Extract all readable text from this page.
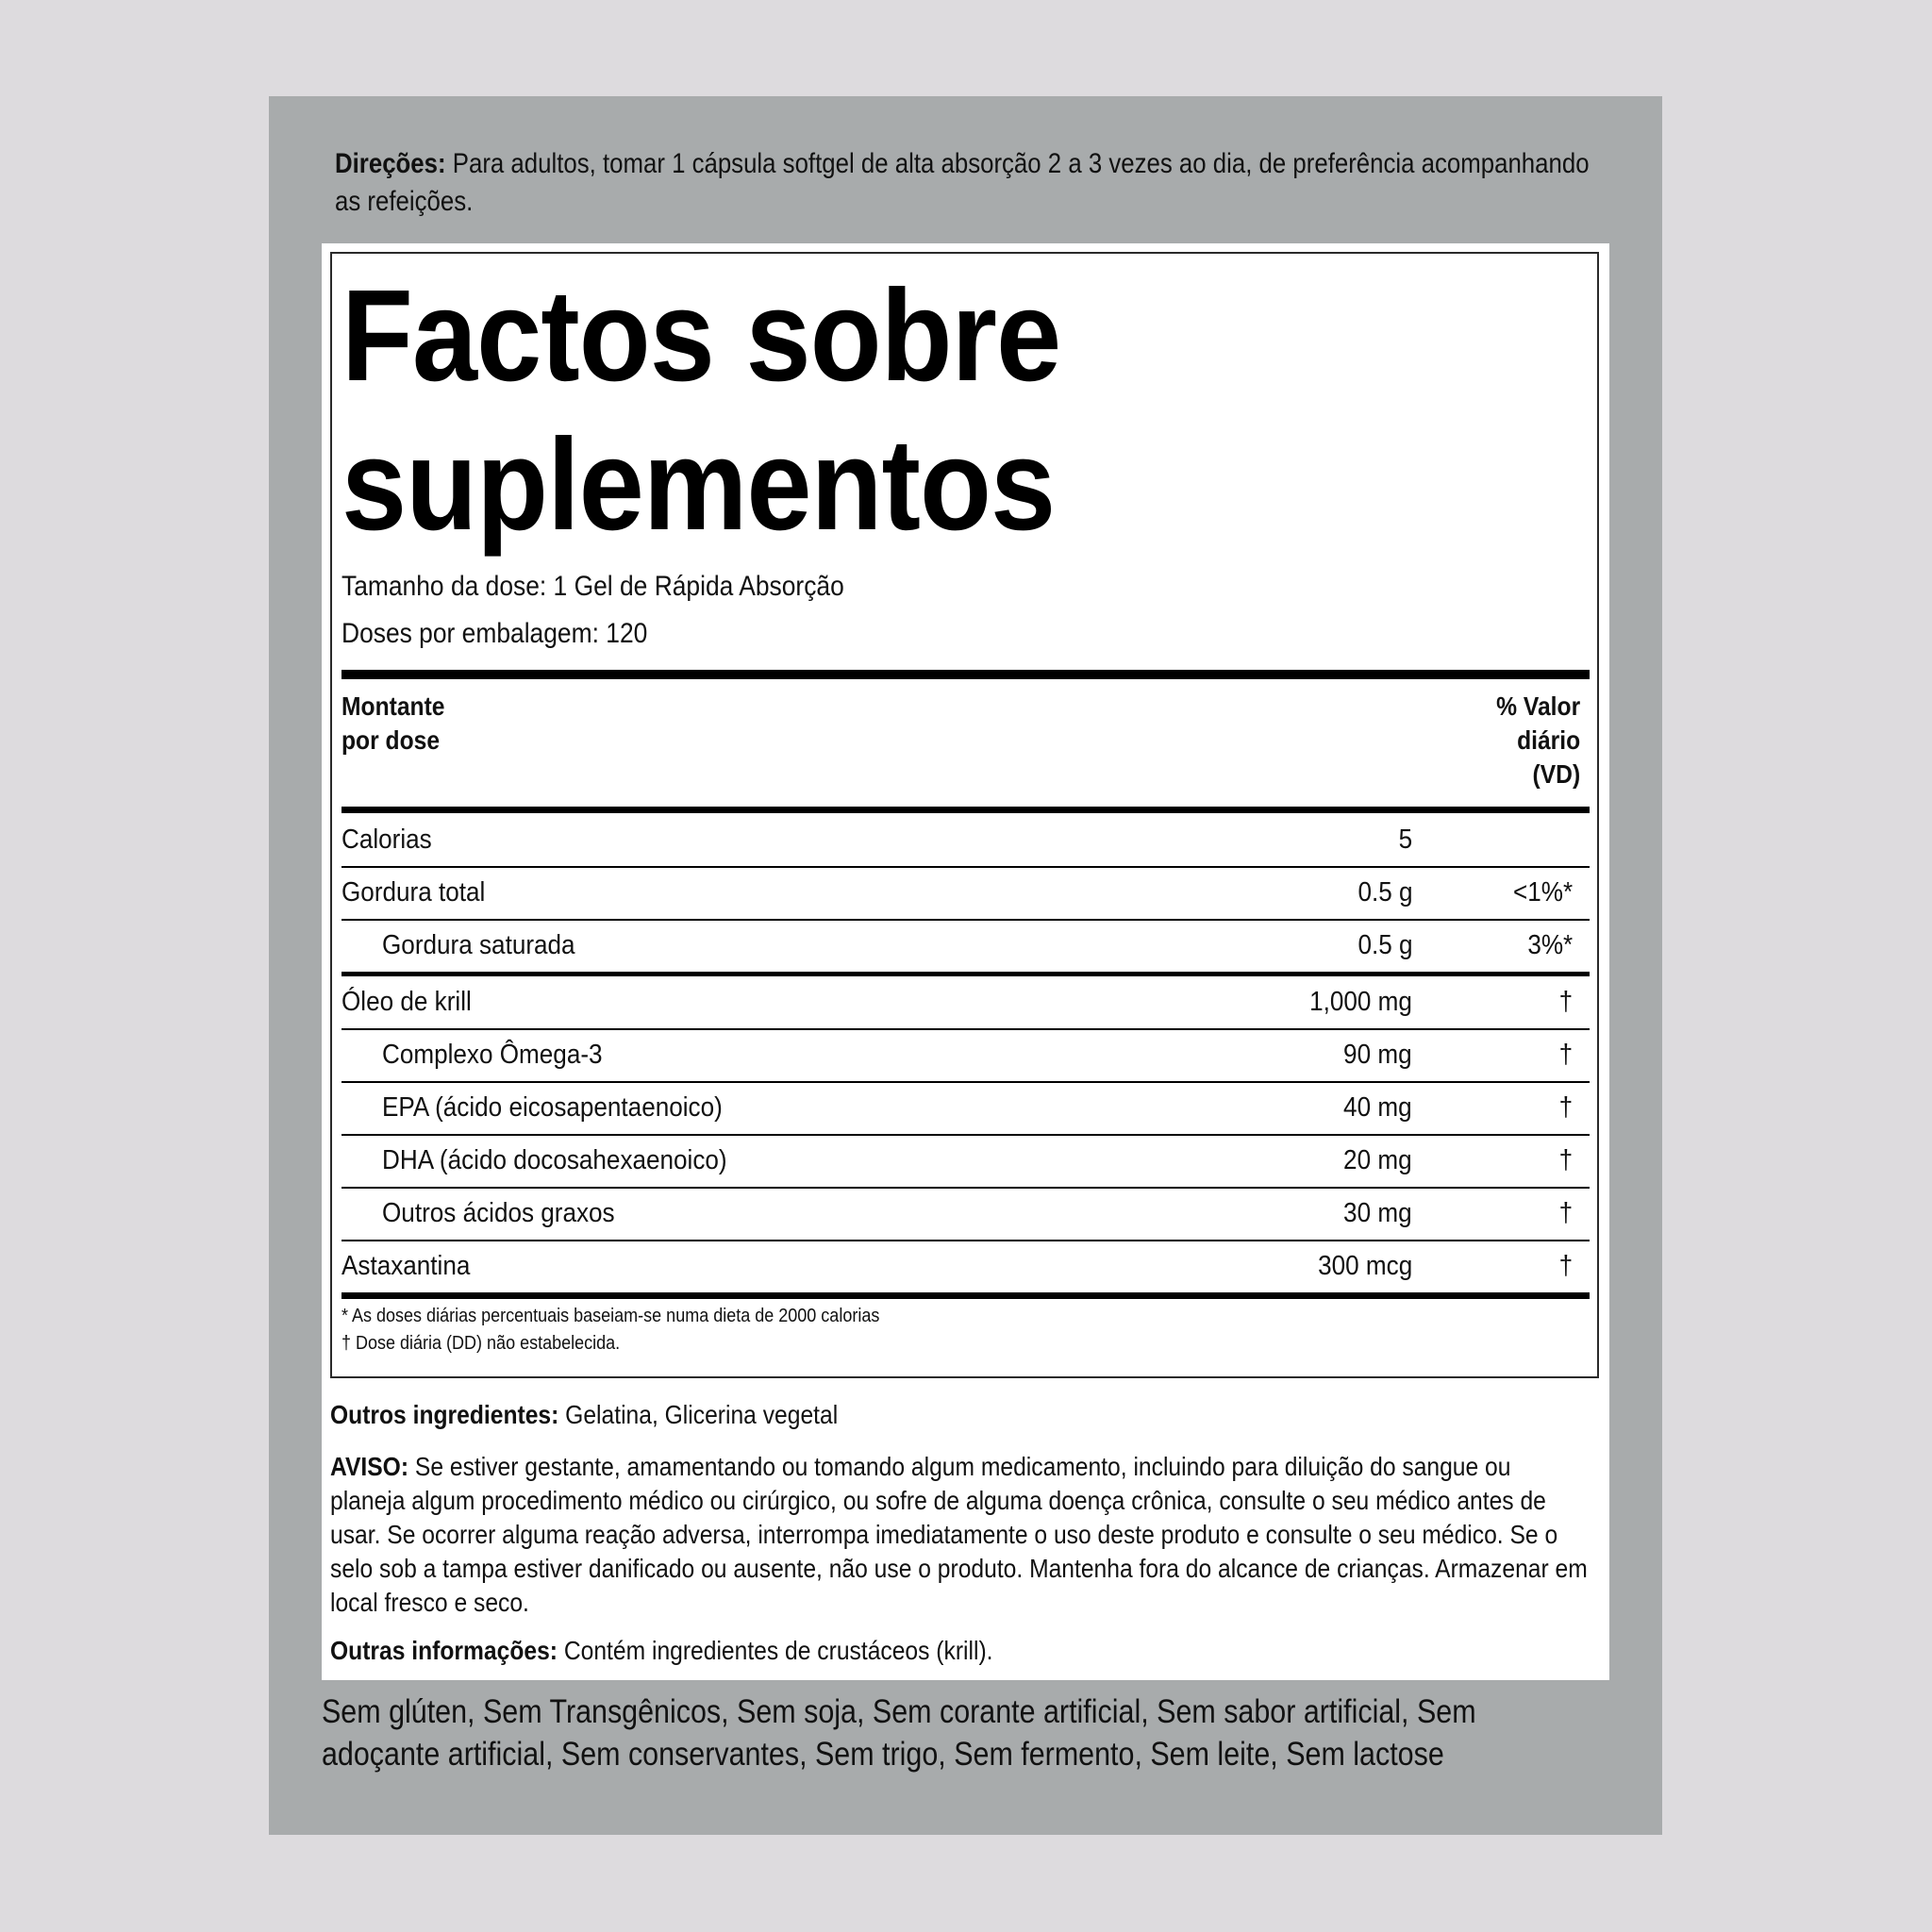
Direções: Para adultos, tomar 1 cápsula softgel de alta absorção 2 a 3 vezes ao dia, de preferência acompanhando as refeições.
Factos sobre
suplementos
Tamanho da dose: 1 Gel de Rápida Absorção
Doses por embalagem: 120
Montante
por dose
% Valor
diário
(VD)
Calorias	5
Gordura total	0.5 g	<1%*
Gordura saturada	0.5 g	3%*
Óleo de krill	1,000 mg	†
Complexo Ômega-3	90 mg	†
EPA (ácido eicosapentaenoico)	40 mg	†
DHA (ácido docosahexaenoico)	20 mg	†
Outros ácidos graxos	30 mg	†
Astaxantina	300 mcg	†
* As doses diárias percentuais baseiam-se numa dieta de 2000 calorias
† Dose diária (DD) não estabelecida.
Outros ingredientes: Gelatina, Glicerina vegetal
AVISO: Se estiver gestante, amamentando ou tomando algum medicamento, incluindo para diluição do sangue ou planeja algum procedimento médico ou cirúrgico, ou sofre de alguma doença crônica, consulte o seu médico antes de usar. Se ocorrer alguma reação adversa, interrompa imediatamente o uso deste produto e consulte o seu médico. Se o selo sob a tampa estiver danificado ou ausente, não use o produto. Mantenha fora do alcance de crianças. Armazenar em local fresco e seco.
Outras informações: Contém ingredientes de crustáceos (krill).
Sem glúten, Sem Transgênicos, Sem soja, Sem corante artificial, Sem sabor artificial, Sem adoçante artificial, Sem conservantes, Sem trigo, Sem fermento, Sem leite, Sem lactose
